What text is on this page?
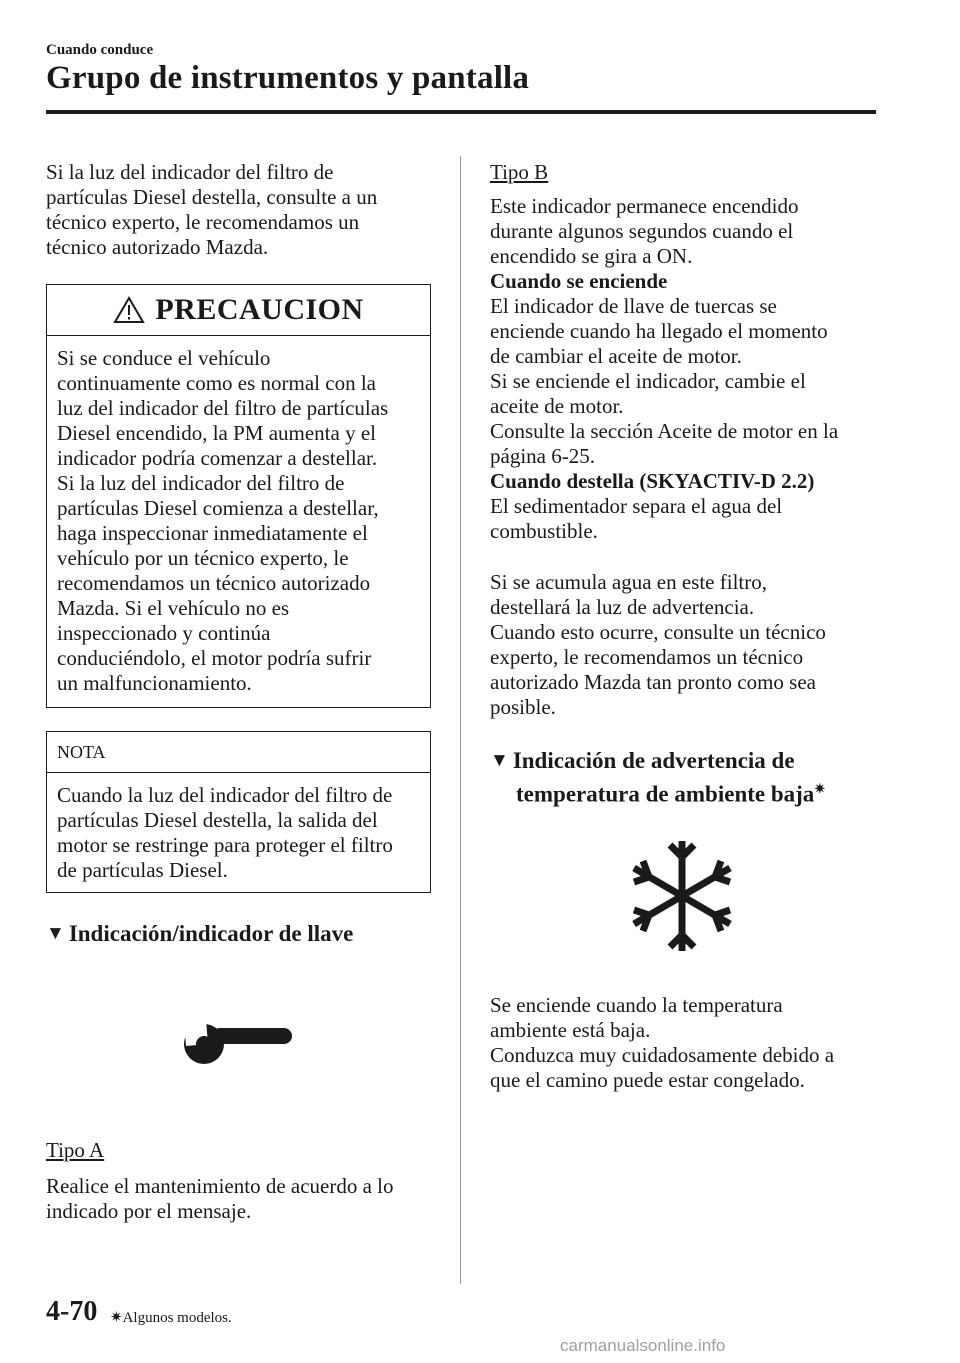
Cuando conduce
Grupo de instrumentos y pantalla

Si la luz del indicador del filtro de

partículas Diesel destella, consulte a un

técnico experto, le recomendamos un

técnico autorizado Mazda.

PRECAUCION

Si se conduce el vehículo

continuamente como es normal con la

luz del indicador del filtro de partículas

Diesel encendido, la PM aumenta y el

indicador podría comenzar a destellar.

Si la luz del indicador del filtro de

partículas Diesel comienza a destellar,

haga inspeccionar inmediatamente el

vehículo por un técnico experto, le

recomendamos un técnico autorizado

Mazda. Si el vehículo no es

inspeccionado y continúa

conduciéndolo, el motor podría sufrir

un malfuncionamiento.

NOTA

Cuando la luz del indicador del filtro de

partículas Diesel destella, la salida del

motor se restringe para proteger el filtro

de partículas Diesel.

▼ Indicación/indicador de llave
Tipo A

Realice el mantenimiento de acuerdo a lo

indicado por el mensaje.

Tipo B

Este indicador permanece encendido

durante algunos segundos cuando el

encendido se gira a ON.

Cuando se enciende

El indicador de llave de tuercas se

enciende cuando ha llegado el momento

de cambiar el aceite de motor.

Si se enciende el indicador, cambie el

aceite de motor.

Consulte la sección Aceite de motor en la

página 6-25.

Cuando destella (SKYACTIV-D 2.2)

El sedimentador separa el agua del

combustible.

Si se acumula agua en este filtro,

destellará la luz de advertencia.

Cuando esto ocurre, consulte un técnico

experto, le recomendamos un técnico

autorizado Mazda tan pronto como sea

posible.

▼ Indicación de advertencia de
temperatura de ambiente baja✷

Se enciende cuando la temperatura

ambiente está baja.

Conduzca muy cuidadosamente debido a

que el camino puede estar congelado.

4-70 ✷Algunos modelos.
carmanualsonline.info
